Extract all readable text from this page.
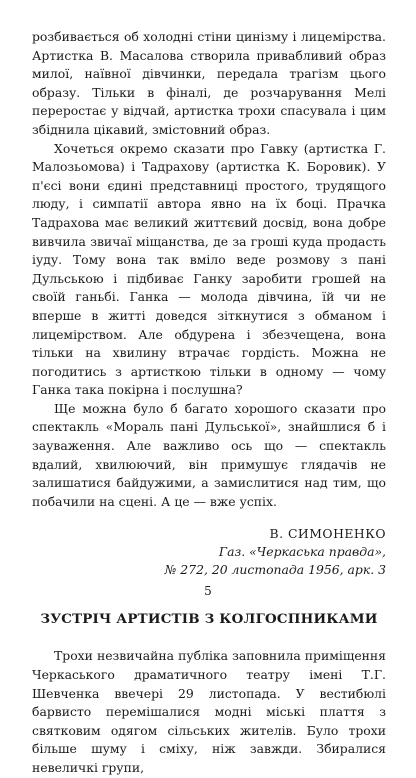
розбивається об холодні стіни цинізму і лицемірства. Артистка В. Масалова створила привабливий образ милої, наївної дівчинки, передала трагізм цього образу. Тільки в фіналі, де розчарування Мелі переростає у відчай, артистка трохи спасувала і цим збіднила цікавий, змістовний образ.

Хочеться окремо сказати про Гавку (артистка Г. Малозьомова) і Тадрахову (артистка К. Боровик). У п'єсі вони єдині представниці простого, трудящого люду, і симпатії автора явно на їх боці. Прачка Тадрахова має великий життєвий досвід, вона добре вивчила звичаї міщанства, де за гроші куда продасть іуду. Тому вона так вміло веде розмову з пані Дульською і підбиває Ганку заробити грошей на своїй ганьбі. Ганка — молода дівчина, їй чи не вперше в житті доведся зіткнутися з обманом і лицемірством. Але обдурена і збезчещена, вона тільки на хвилину втрачає гордість. Можна не погодитись з артисткою тільки в одному — чому Ганка така покірна і послушна?

Ще можна було б багато хорошого сказати про спектакль «Мораль пані Дульської», знайшлися б і зауваження. Але важливо ось що — спектакль вдалий, хвилюючий, він примушує глядачів не залишатися байдужими, а замислитися над тим, що побачили на сцені. А це — вже успіх.

В. СИМОНЕНКО
Газ. «Черкаська правда»,
№ 272, 20 листопада 1956, арк. 3
ЗУСТРІЧ АРТИСТІВ З КОЛГОСПНИКАМИ

Трохи незвичайна публіка заповнила приміщення Черкаського драматичного театру імені Т.Г. Шевченка ввечері 29 листопада. У вестибюлі барвисто перемішалися модні міські плаття з святковим одягом сільських жителів. Було трохи більше шуму і сміху, ніж завжди. Збиралися невеличкі групи,

5
